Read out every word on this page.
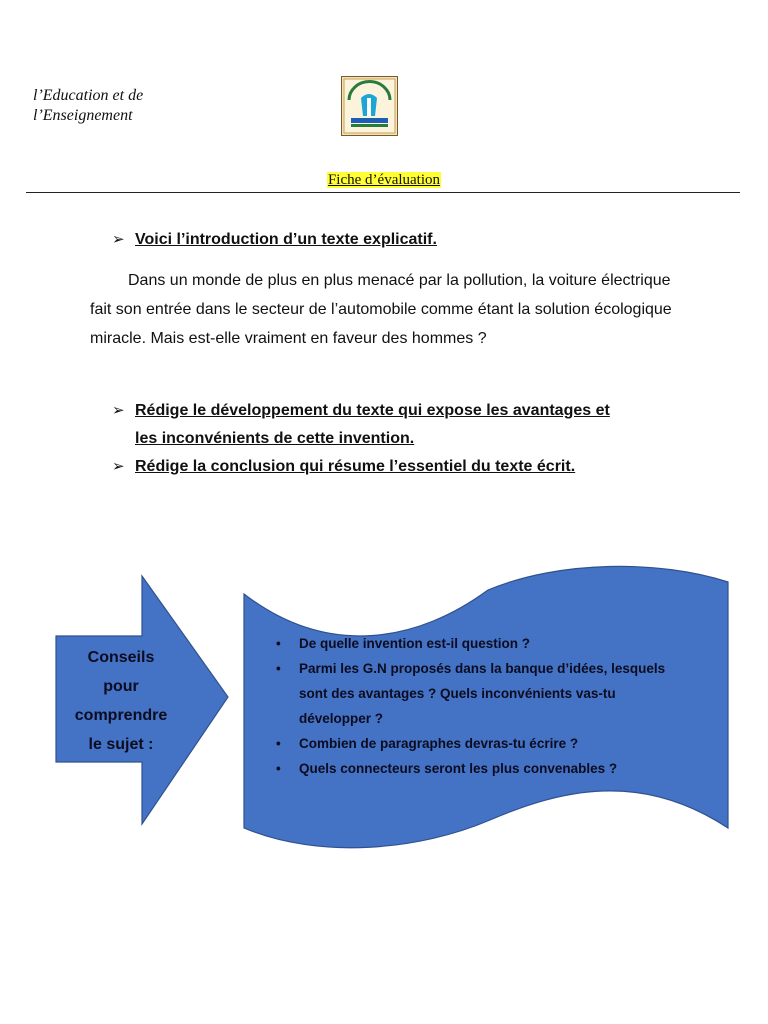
l’Education et de
l’Enseignement
Fiche d’évaluation
➢ Voici l’introduction d’un texte explicatif.
Dans un monde de plus en plus menacé par la pollution, la voiture électrique fait son entrée dans le secteur de l’automobile comme étant la solution écologique miracle. Mais est-elle vraiment en faveur des hommes ?
➢ Rédige le développement du texte qui expose les avantages et
les inconvénients de cette invention.
➢ Rédige la conclusion qui résume l’essentiel du texte écrit.
Conseils
pour
comprendre
le sujet :
• De quelle invention est-il question ?
• Parmi les G.N proposés dans la banque d’idées, lesquels
sont des avantages ? Quels inconvénients vas-tu
développer ?
• Combien de paragraphes devras-tu écrire ?
• Quels connecteurs seront les plus convenables ?
